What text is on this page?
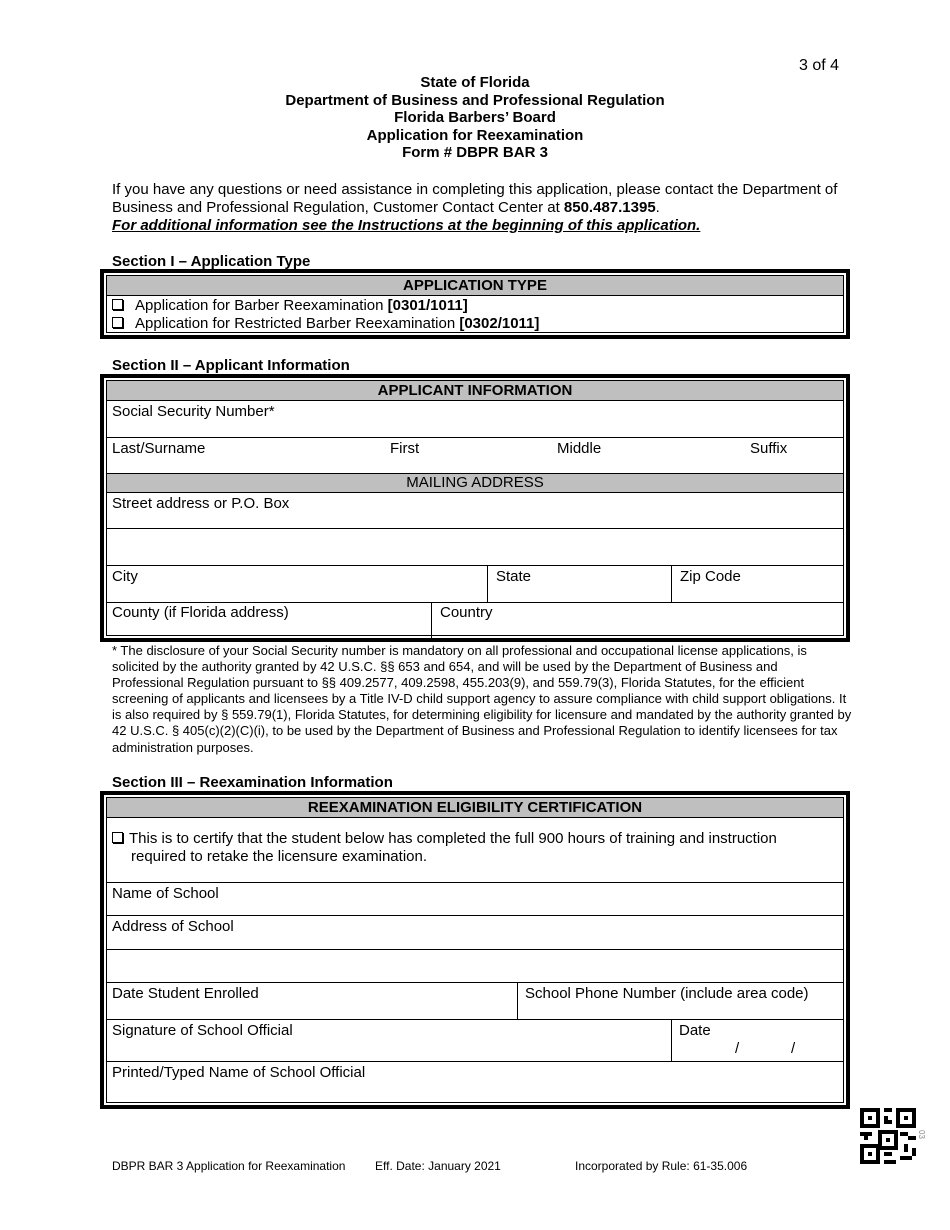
3 of 4
State of Florida
Department of Business and Professional Regulation
Florida Barbers’ Board
Application for Reexamination
Form # DBPR BAR 3
If you have any questions or need assistance in completing this application, please contact the Department of Business and Professional Regulation, Customer Contact Center at 850.487.1395.
For additional information see the Instructions at the beginning of this application.
Section I – Application Type
APPLICATION TYPE
Application for Barber Reexamination [0301/1011]
Application for Restricted Barber Reexamination [0302/1011]
Section II – Applicant Information
APPLICANT INFORMATION
Social Security Number*
Last/Surname	First	Middle	Suffix
MAILING ADDRESS
Street address or P.O. Box
City	State	Zip Code
County (if Florida address)	Country
* The disclosure of your Social Security number is mandatory on all professional and occupational license applications, is solicited by the authority granted by 42 U.S.C. §§ 653 and 654, and will be used by the Department of Business and Professional Regulation pursuant to §§ 409.2577, 409.2598, 455.203(9), and 559.79(3), Florida Statutes, for the efficient screening of applicants and licensees by a Title IV-D child support agency to assure compliance with child support obligations. It is also required by § 559.79(1), Florida Statutes, for determining eligibility for licensure and mandated by the authority granted by 42 U.S.C. § 405(c)(2)(C)(i), to be used by the Department of Business and Professional Regulation to identify licensees for tax administration purposes.
Section III – Reexamination Information
REEXAMINATION ELIGIBILITY CERTIFICATION
This is to certify that the student below has completed the full 900 hours of training and instruction
required to retake the licensure examination.
Name of School
Address of School
Date Student Enrolled	School Phone Number (include area code)
Signature of School Official	Date
/	/
Printed/Typed Name of School Official
DBPR BAR 3 Application for Reexamination Eff. Date: January 2021	Incorporated by Rule: 61-35.006
03
